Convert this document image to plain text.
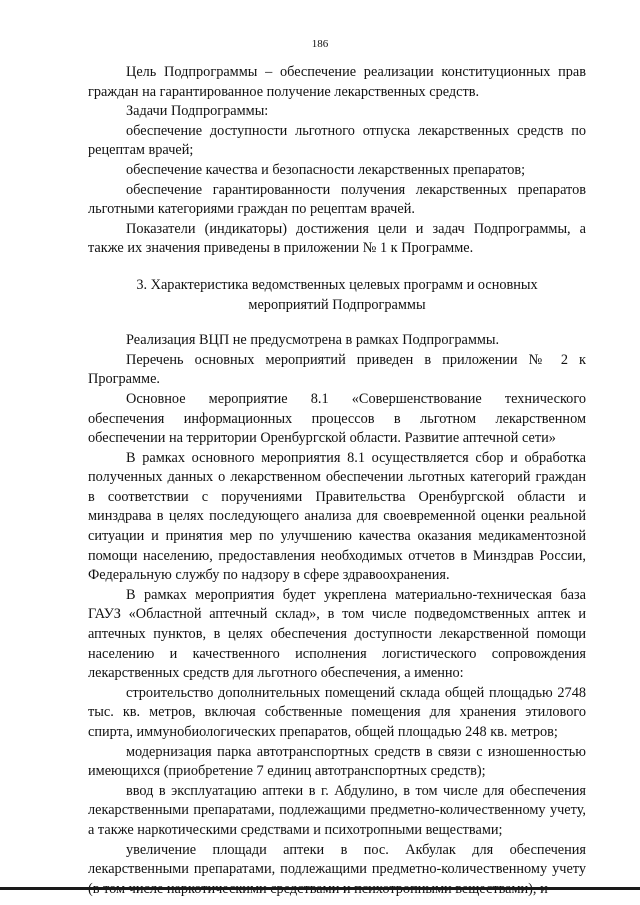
186

Цель Подпрограммы – обеспечение реализации конституционных прав граждан на гарантированное получение лекарственных средств.

Задачи Подпрограммы:

обеспечение доступности льготного отпуска лекарственных средств по рецептам врачей;

обеспечение качества и безопасности лекарственных препаратов;

обеспечение гарантированности получения лекарственных препаратов льготными категориями граждан по рецептам врачей.

Показатели (индикаторы) достижения цели и задач Подпрограммы, а также их значения приведены в приложении № 1 к Программе.

3. Характеристика ведомственных целевых программ и основных мероприятий Подпрограммы

Реализация ВЦП не предусмотрена в рамках Подпрограммы.

Перечень основных мероприятий приведен в приложении № 2 к Программе.

Основное мероприятие 8.1 «Совершенствование технического обеспечения информационных процессов в льготном лекарственном обеспечении на территории Оренбургской области. Развитие аптечной сети»

В рамках основного мероприятия 8.1 осуществляется сбор и обработка полученных данных о лекарственном обеспечении льготных категорий граждан в соответствии с поручениями Правительства Оренбургской области и минздрава в целях последующего анализа для своевременной оценки реальной ситуации и принятия мер по улучшению качества оказания медикаментозной помощи населению, предоставления необходимых отчетов в Минздрав России, Федеральную службу по надзору в сфере здравоохранения.

В рамках мероприятия будет укреплена материально-техническая база ГАУЗ «Областной аптечный склад», в том числе подведомственных аптек и аптечных пунктов, в целях обеспечения доступности лекарственной помощи населению и качественного исполнения логистического сопровождения лекарственных средств для льготного обеспечения, а именно:

строительство дополнительных помещений склада общей площадью 2748 тыс. кв. метров, включая собственные помещения для хранения этилового спирта, иммунобиологических препаратов, общей площадью 248 кв. метров;

модернизация парка автотранспортных средств в связи с изношенностью имеющихся (приобретение 7 единиц автотранспортных средств);

ввод в эксплуатацию аптеки в г. Абдулино, в том числе для обеспечения лекарственными препаратами, подлежащими предметно-количественному учету, а также наркотическими средствами и психотропными веществами;

увеличение площади аптеки в пос. Акбулак для обеспечения лекарственными препаратами, подлежащими предметно-количественному учету
